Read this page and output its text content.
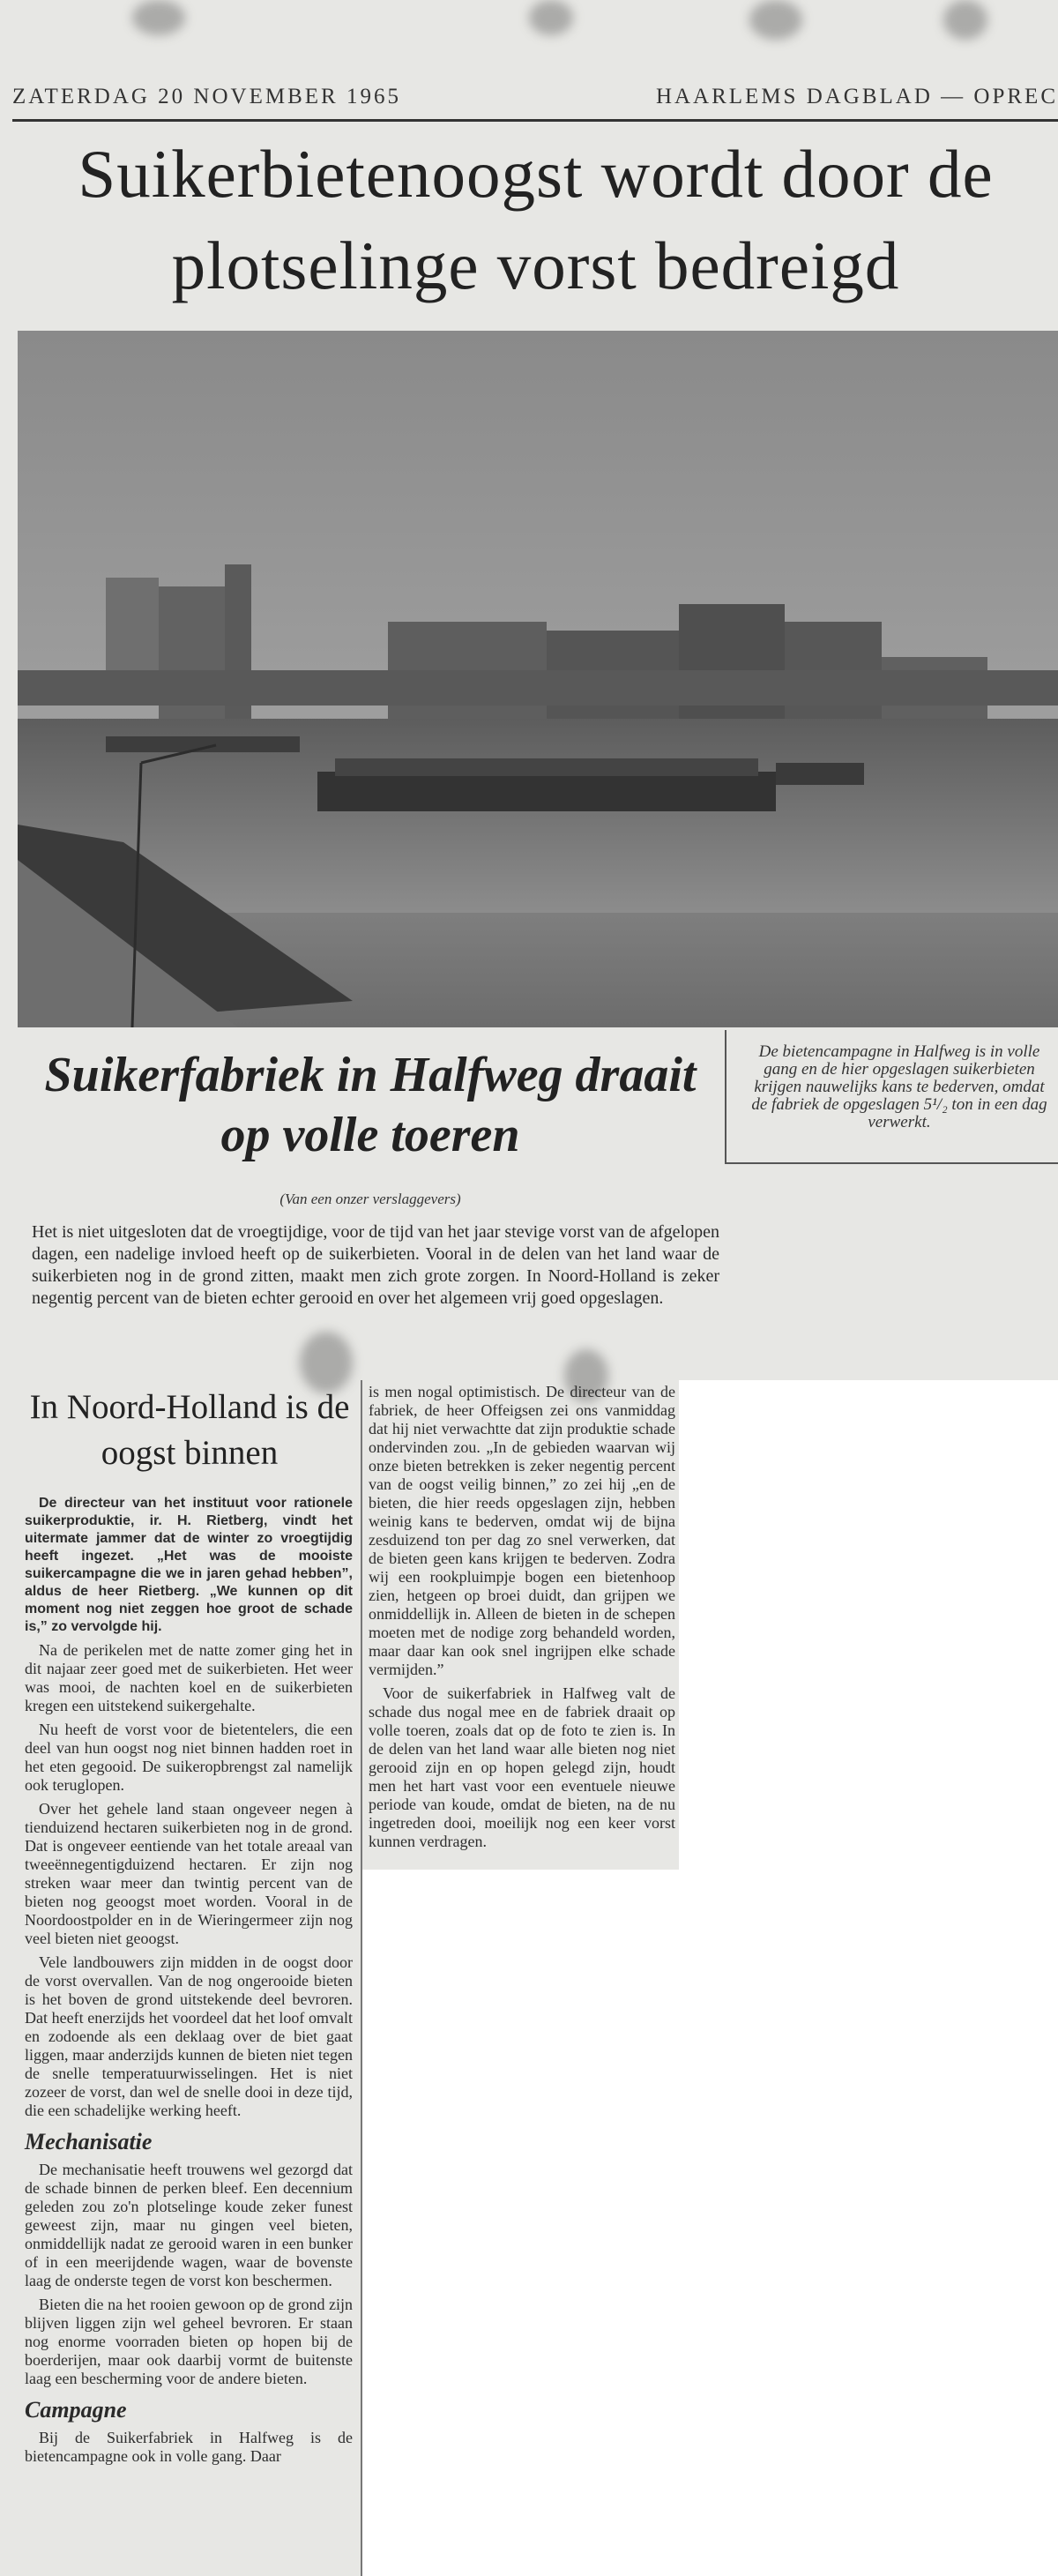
ZATERDAG 20 NOVEMBER 1965	HAARLEMS DAGBLAD — OPREC
Suikerbietenoogst wordt door de plotselinge vorst bedreigd

De bietencampagne in Halfweg is in volle gang en de hier opgeslagen suikerbieten krijgen nauwelijks kans te bederven, omdat de fabriek de opgeslagen 5¹/₂ ton in een dag verwerkt.

Suikerfabriek in Halfweg draait op volle toeren

(Van een onzer verslaggevers)

Het is niet uitgesloten dat de vroegtijdige, voor de tijd van het jaar stevige vorst van de afgelopen dagen, een nadelige invloed heeft op de suikerbieten. Vooral in de delen van het land waar de suikerbieten nog in de grond zitten, maakt men zich grote zorgen. In Noord-Holland is zeker negentig percent van de bieten echter gerooid en over het algemeen vrij goed opgeslagen.

In Noord-Holland is de oogst binnen

De directeur van het instituut voor rationele suikerproduktie, ir. H. Rietberg, vindt het uitermate jammer dat de winter zo vroegtijdig heeft ingezet. „Het was de mooiste suikercampagne die we in jaren gehad hebben”, aldus de heer Rietberg. „We kunnen op dit moment nog niet zeggen hoe groot de schade is,” zo vervolgde hij.

Na de perikelen met de natte zomer ging het in dit najaar zeer goed met de suikerbieten. Het weer was mooi, de nachten koel en de suikerbieten kregen een uitstekend suikergehalte.

Nu heeft de vorst voor de bietentelers, die een deel van hun oogst nog niet binnen hadden roet in het eten gegooid. De suikeropbrengst zal namelijk ook teruglopen.

Over het gehele land staan ongeveer negen à tienduizend hectaren suikerbieten nog in de grond. Dat is ongeveer eentiende van het totale areaal van tweeënnegentigduizend hectaren. Er zijn nog streken waar meer dan twintig percent van de bieten nog geoogst moet worden. Vooral in de Noordoostpolder en in de Wieringermeer zijn nog veel bieten niet geoogst.

Vele landbouwers zijn midden in de oogst door de vorst overvallen. Van de nog ongerooide bieten is het boven de grond uitstekende deel bevroren. Dat heeft enerzijds het voordeel dat het loof omvalt en zodoende als een deklaag over de biet gaat liggen, maar anderzijds kunnen de bieten niet tegen de snelle temperatuurwisselingen. Het is niet zozeer de vorst, dan wel de snelle dooi in deze tijd, die een schadelijke werking heeft.

Mechanisatie

De mechanisatie heeft trouwens wel gezorgd dat de schade binnen de perken bleef. Een decennium geleden zou zo'n plotselinge koude zeker funest geweest zijn, maar nu gingen veel bieten, onmiddellijk nadat ze gerooid waren in een bunker of in een meerijdende wagen, waar de bovenste laag de onderste tegen de vorst kon beschermen.

Bieten die na het rooien gewoon op de grond zijn blijven liggen zijn wel geheel bevroren. Er staan nog enorme voorraden bieten op hopen bij de boerderijen, maar ook daarbij vormt de buitenste laag een bescherming voor de andere bieten.

Campagne

Bij de Suikerfabriek in Halfweg is de bietencampagne ook in volle gang. Daar

is men nogal optimistisch. De directeur van de fabriek, de heer Offeigsen zei ons vanmiddag dat hij niet verwachtte dat zijn produktie schade ondervinden zou. „In de gebieden waarvan wij onze bieten betrekken is zeker negentig percent van de oogst veilig binnen,” zo zei hij „en de bieten, die hier reeds opgeslagen zijn, hebben weinig kans te bederven, omdat wij de bijna zesduizend ton per dag zo snel verwerken, dat de bieten geen kans krijgen te bederven. Zodra wij een rookpluimpje bogen een bietenhoop zien, hetgeen op broei duidt, dan grijpen we onmiddellijk in. Alleen de bieten in de schepen moeten met de nodige zorg behandeld worden, maar daar kan ook snel ingrijpen elke schade vermijden.”

Voor de suikerfabriek in Halfweg valt de schade dus nogal mee en de fabriek draait op volle toeren, zoals dat op de foto te zien is. In de delen van het land waar alle bieten nog niet gerooid zijn en op hopen gelegd zijn, houdt men het hart vast voor een eventuele nieuwe periode van koude, omdat de bieten, na de nu ingetreden dooi, moeilijk nog een keer vorst kunnen verdragen.
